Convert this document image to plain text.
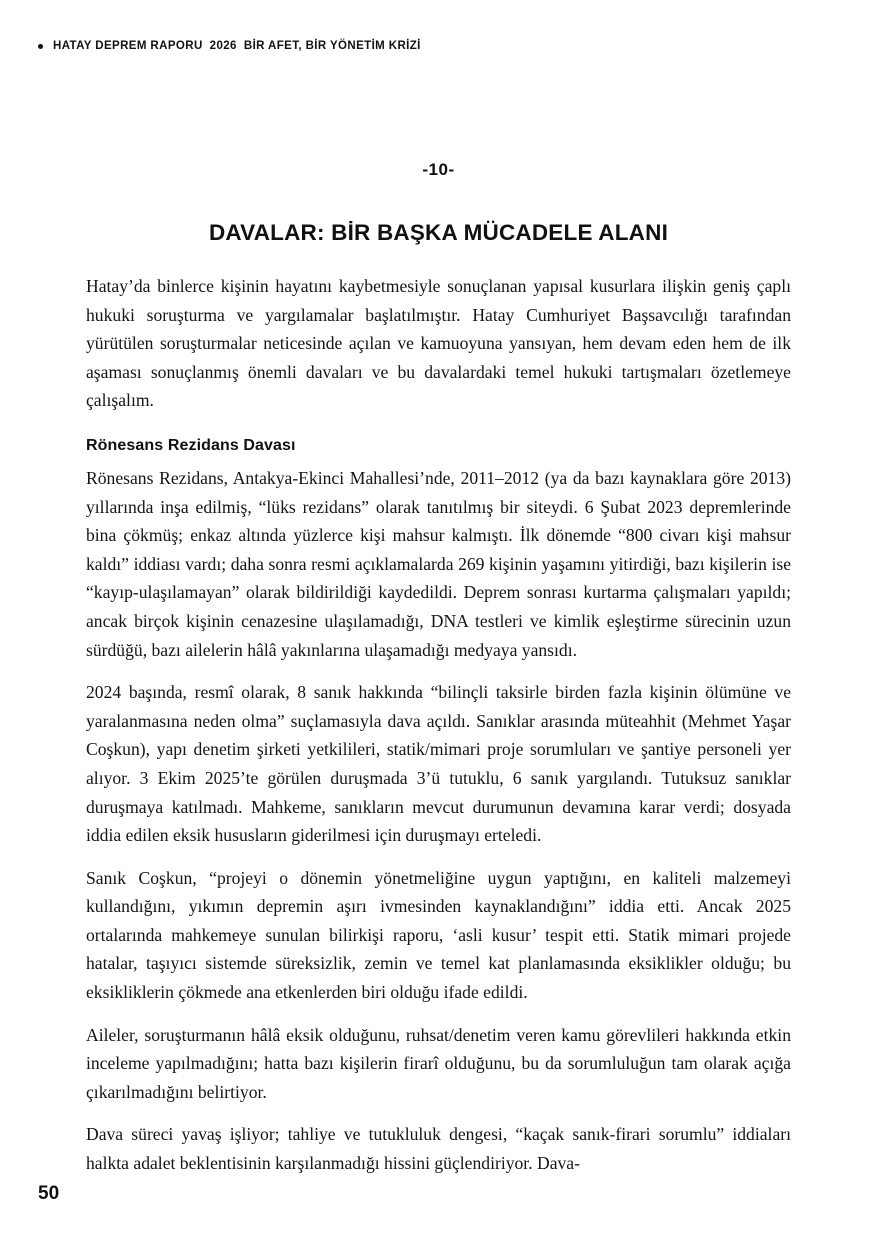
HATAY DEPREM RAPORU 2026 BİR AFET, BİR YÖNETİM KRİZİ
-10-
DAVALAR: BİR BAŞKA MÜCADELE ALANI

Hatay’da binlerce kişinin hayatını kaybetmesiyle sonuçlanan yapısal kusurlara ilişkin geniş çaplı hukuki soruşturma ve yargılamalar başlatılmıştır. Hatay Cumhuriyet Başsavcılığı tarafından yürütülen soruşturmalar neticesinde açılan ve kamuoyuna yansıyan, hem devam eden hem de ilk aşaması sonuçlanmış önemli davaları ve bu davalardaki temel hukuki tartışmaları özetlemeye çalışalım.

Rönesans Rezidans Davası

Rönesans Rezidans, Antakya-Ekinci Mahallesi’nde, 2011–2012 (ya da bazı kaynaklara göre 2013) yıllarında inşa edilmiş, “lüks rezidans” olarak tanıtılmış bir siteydi. 6 Şubat 2023 depremlerinde bina çökmüş; enkaz altında yüzlerce kişi mahsur kalmıştı. İlk dönemde “800 civarı kişi mahsur kaldı” iddiası vardı; daha sonra resmi açıklamalarda 269 kişinin yaşamını yitirdiği, bazı kişilerin ise “kayıp-ulaşılamayan” olarak bildirildiği kaydedildi. Deprem sonrası kurtarma çalışmaları yapıldı; ancak birçok kişinin cenazesine ulaşılamadığı, DNA testleri ve kimlik eşleştirme sürecinin uzun sürdüğü, bazı ailelerin hâlâ yakınlarına ulaşamadığı medyaya yansıdı.

2024 başında, resmî olarak, 8 sanık hakkında “bilinçli taksirle birden fazla kişinin ölümüne ve yaralanmasına neden olma” suçlamasıyla dava açıldı. Sanıklar arasında müteahhit (Mehmet Yaşar Coşkun), yapı denetim şirketi yetkilileri, statik/mimari proje sorumluları ve şantiye personeli yer alıyor. 3 Ekim 2025’te görülen duruşmada 3’ü tutuklu, 6 sanık yargılandı. Tutuksuz sanıklar duruşmaya katılmadı. Mahkeme, sanıkların mevcut durumunun devamına karar verdi; dosyada iddia edilen eksik hususların giderilmesi için duruşmayı erteledi.

Sanık Coşkun, “projeyi o dönemin yönetmeliğine uygun yaptığını, en kaliteli malzemeyi kullandığını, yıkımın depremin aşırı ivmesinden kaynaklandığını” iddia etti. Ancak 2025 ortalarında mahkemeye sunulan bilirkişi raporu, ‘asli kusur’ tespit etti. Statik mimari projede hatalar, taşıyıcı sistemde süreksizlik, zemin ve temel kat planlamasında eksiklikler olduğu; bu eksikliklerin çökmede ana etkenlerden biri olduğu ifade edildi.

Aileler, soruşturmanın hâlâ eksik olduğunu, ruhsat/denetim veren kamu görevlileri hakkında etkin inceleme yapılmadığını; hatta bazı kişilerin firarî olduğunu, bu da sorumluluğun tam olarak açığa çıkarılmadığını belirtiyor.

Dava süreci yavaş işliyor; tahliye ve tutukluluk dengesi, “kaçak sanık-firari sorumlu” iddiaları halkta adalet beklentisinin karşılanmadığı hissini güçlendiriyor. Dava-

50
